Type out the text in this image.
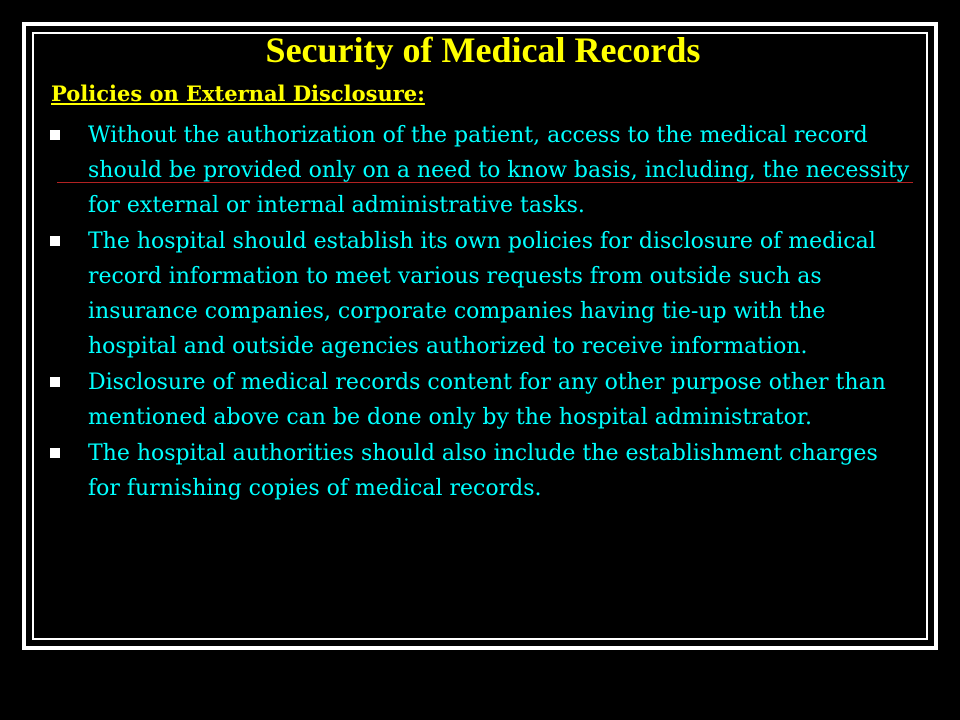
Security of Medical Records

Policies on External Disclosure:

Without the authorization of the patient, access to the medical record should be provided only on a need to know basis, including, the necessity for external or internal administrative tasks.
The hospital should establish its own policies for disclosure of medical record information to meet various requests from outside such as insurance companies, corporate companies having tie-up with the hospital and outside agencies authorized to receive information.
Disclosure of medical records content for any other purpose other than mentioned above can be done only by the hospital administrator.
The hospital authorities should also include the establishment charges for furnishing copies of medical records.
